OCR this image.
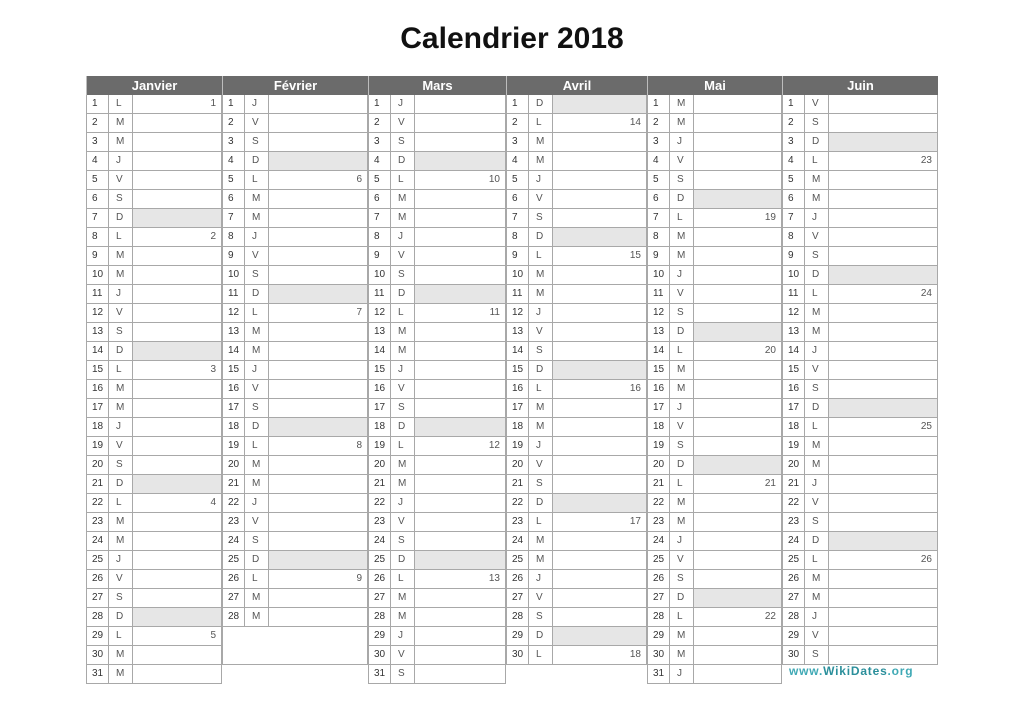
Calendrier 2018
Janvier
1	L	1
2	M
3	M
4	J
5	V
6	S
7	D
8	L	2
9	M
10	M
11	J
12	V
13	S
14	D
15	L	3
16	M
17	M
18	J
19	V
20	S
21	D
22	L	4
23	M
24	M
25	J
26	V
27	S
28	D
29	L	5
30	M
31	M
Février
1	J
2	V
3	S
4	D
5	L	6
6	M
7	M
8	J
9	V
10	S
11	D
12	L	7
13	M
14	M
15	J
16	V
17	S
18	D
19	L	8
20	M
21	M
22	J
23	V
24	S
25	D
26	L	9
27	M
28	M
Mars
1	J
2	V
3	S
4	D
5	L	10
6	M
7	M
8	J
9	V
10	S
11	D
12	L	11
13	M
14	M
15	J
16	V
17	S
18	D
19	L	12
20	M
21	M
22	J
23	V
24	S
25	D
26	L	13
27	M
28	M
29	J
30	V
31	S
Avril
1	D
2	L	14
3	M
4	M
5	J
6	V
7	S
8	D
9	L	15
10	M
11	M
12	J
13	V
14	S
15	D
16	L	16
17	M
18	M
19	J
20	V
21	S
22	D
23	L	17
24	M
25	M
26	J
27	V
28	S
29	D
30	L	18
Mai
1	M
2	M
3	J
4	V
5	S
6	D
7	L	19
8	M
9	M
10	J
11	V
12	S
13	D
14	L	20
15	M
16	M
17	J
18	V
19	S
20	D
21	L	21
22	M
23	M
24	J
25	V
26	S
27	D
28	L	22
29	M
30	M
31	J
Juin
1	V
2	S
3	D
4	L	23
5	M
6	M
7	J
8	V
9	S
10	D
11	L	24
12	M
13	M
14	J
15	V
16	S
17	D
18	L	25
19	M
20	M
21	J
22	V
23	S
24	D
25	L	26
26	M
27	M
28	J
29	V
30	S
www.WikiDates.org
